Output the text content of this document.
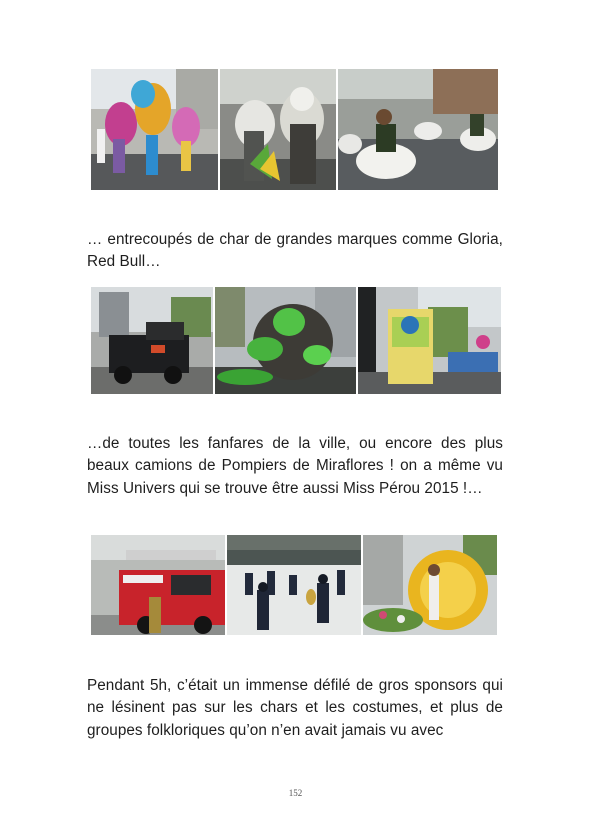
… entrecoupés de char de grandes marques comme Gloria, Red Bull…

…de toutes les fanfares de la ville, ou encore des plus beaux camions de Pompiers de Miraflores ! on a même vu Miss Univers qui se trouve être aussi Miss Pérou 2015 !…

Pendant 5h, c’était un immense défilé de gros sponsors qui ne lésinent pas sur les chars et les costumes, et plus de groupes folkloriques qu’on n’en avait jamais vu avec

152
